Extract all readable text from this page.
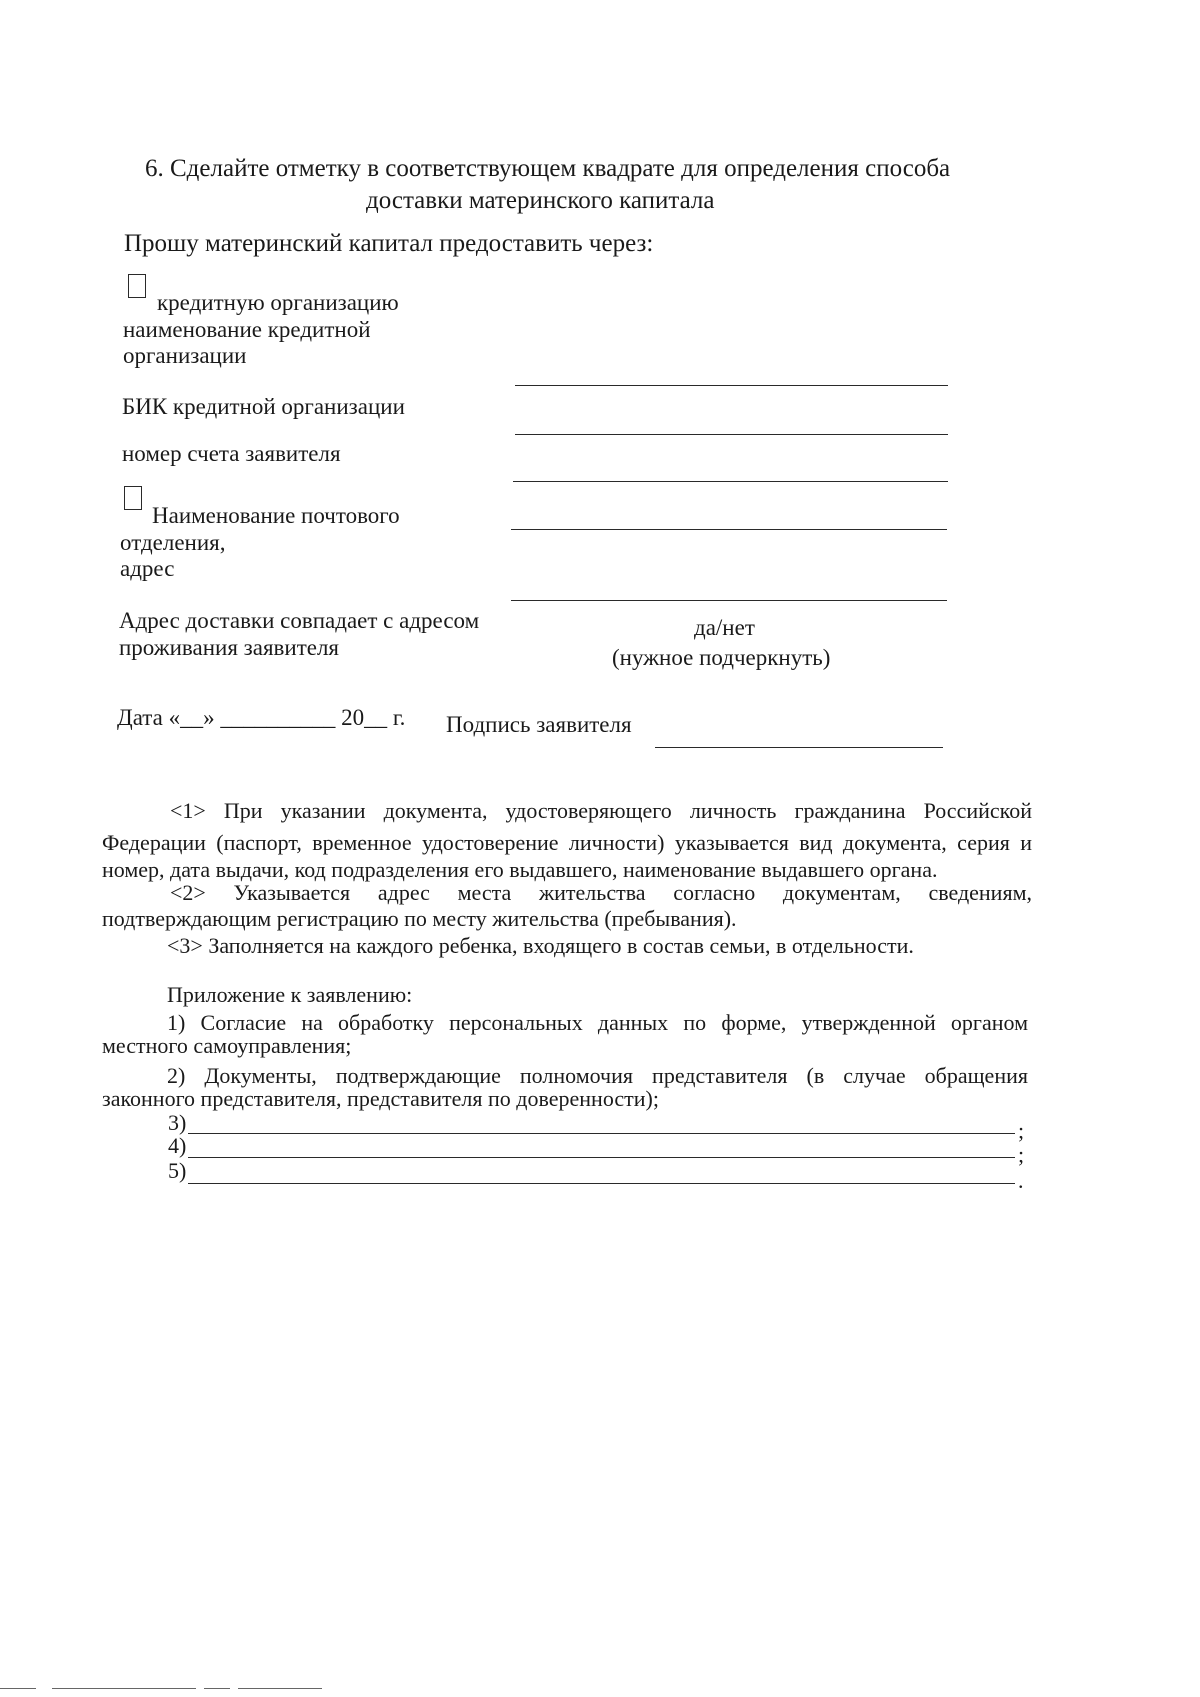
6. Сделайте отметку в соответствующем квадрате для определения способа
доставки материнского капитала
Прошу материнский капитал предоставить через:
кредитную организацию
наименование кредитной
организации
БИК кредитной организации
номер счета заявителя
Наименование почтового
отделения,
адрес
Адрес доставки совпадает с адресом
проживания заявителя
да/нет
(нужное подчеркнуть)
Дата «__» __________ 20__ г. Подпись заявителя
<1> При указании документа, удостоверяющего личность гражданина Российской
Федерации (паспорт, временное удостоверение личности) указывается вид документа, серия и
номер, дата выдачи, код подразделения его выдавшего, наименование выдавшего органа.
<2> Указывается адрес места жительства согласно документам, сведениям,
подтверждающим регистрацию по месту жительства (пребывания).
<3> Заполняется на каждого ребенка, входящего в состав семьи, в отдельности.
Приложение к заявлению:
1) Согласие на обработку персональных данных по форме, утвержденной органом
местного самоуправления;
2) Документы, подтверждающие полномочия представителя (в случае обращения
законного представителя, представителя по доверенности);
3)	;
4)	;
5)	.
